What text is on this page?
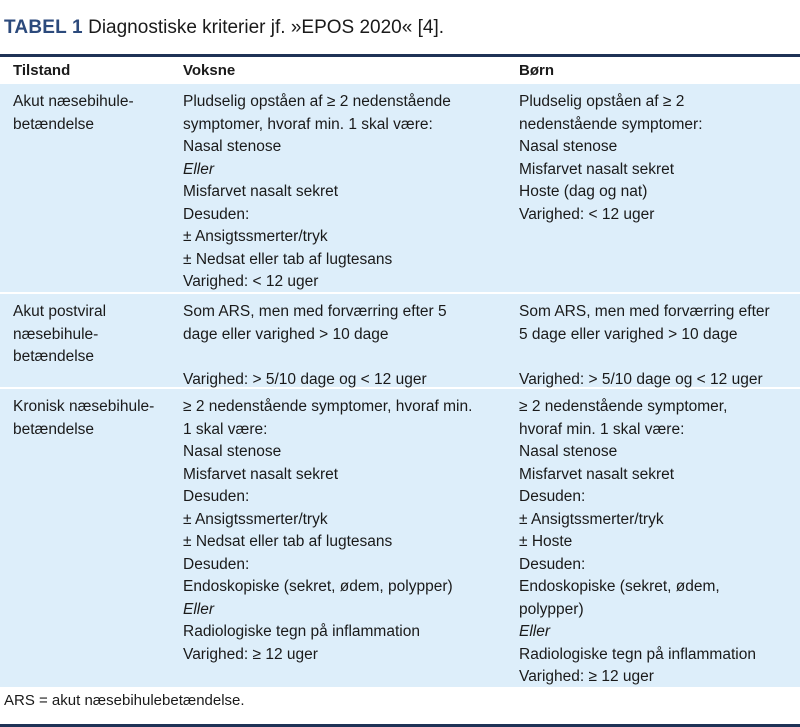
TABEL 1 Diagnostiske kriterier jf. »EPOS 2020« [4].
Tilstand	Voksne	Børn
Akut næsebihule-
betændelse
Pludselig opståen af ≥ 2 nedenstående
symptomer, hvoraf min. 1 skal være:
Nasal stenose
Eller
Misfarvet nasalt sekret
Desuden:
± Ansigtssmerter/tryk
± Nedsat eller tab af lugtesans
Varighed: < 12 uger
Pludselig opståen af ≥ 2
nedenstående symptomer:
Nasal stenose
Misfarvet nasalt sekret
Hoste (dag og nat)
Varighed: < 12 uger
Akut postviral
næsebihule-
betændelse
Som ARS, men med forværring efter 5
dage eller varighed > 10 dage
Varighed: > 5/10 dage og < 12 uger
Som ARS, men med forværring efter
5 dage eller varighed > 10 dage
Varighed: > 5/10 dage og < 12 uger
Kronisk næsebihule-
betændelse
≥ 2 nedenstående symptomer, hvoraf min.
1 skal være:
Nasal stenose
Misfarvet nasalt sekret
Desuden:
± Ansigtssmerter/tryk
± Nedsat eller tab af lugtesans
Desuden:
Endoskopiske (sekret, ødem, polypper)
Eller
Radiologiske tegn på inflammation
Varighed: ≥ 12 uger
≥ 2 nedenstående symptomer,
hvoraf min. 1 skal være:
Nasal stenose
Misfarvet nasalt sekret
Desuden:
± Ansigtssmerter/tryk
± Hoste
Desuden:
Endoskopiske (sekret, ødem,
polypper)
Eller
Radiologiske tegn på inflammation
Varighed: ≥ 12 uger
ARS = akut næsebihulebetændelse.
